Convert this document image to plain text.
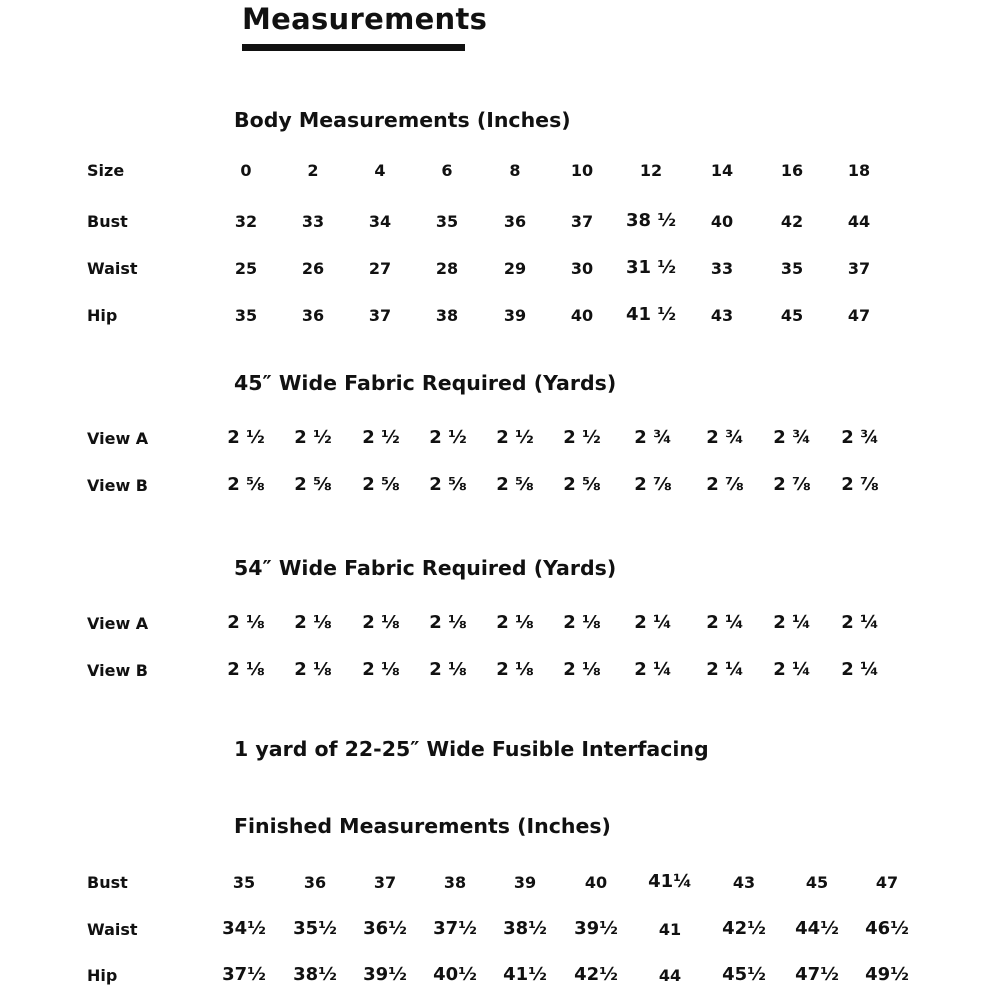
Measurements
Body Measurements (Inches)
Size	0	2	4	6	8	10	12	14	16	18
Bust	32	33	34	35	36	37	38 ½	40	42	44
Waist	25	26	27	28	29	30	31 ½	33	35	37
Hip	35	36	37	38	39	40	41 ½	43	45	47
45″ Wide Fabric Required (Yards)
View A	2 ½	2 ½	2 ½	2 ½	2 ½	2 ½	2 ¾	2 ¾	2 ¾	2 ¾
View B	2 ⅝	2 ⅝	2 ⅝	2 ⅝	2 ⅝	2 ⅝	2 ⅞	2 ⅞	2 ⅞	2 ⅞
54″ Wide Fabric Required (Yards)
View A	2 ⅛	2 ⅛	2 ⅛	2 ⅛	2 ⅛	2 ⅛	2 ¼	2 ¼	2 ¼	2 ¼
View B	2 ⅛	2 ⅛	2 ⅛	2 ⅛	2 ⅛	2 ⅛	2 ¼	2 ¼	2 ¼	2 ¼
1 yard of 22-25″ Wide Fusible Interfacing
Finished Measurements (Inches)
Bust	35	36	37	38	39	40	41¼	43	45	47
Waist	34½	35½	36½	37½	38½	39½	41	42½	44½	46½
Hip	37½	38½	39½	40½	41½	42½	44	45½	47½	49½
